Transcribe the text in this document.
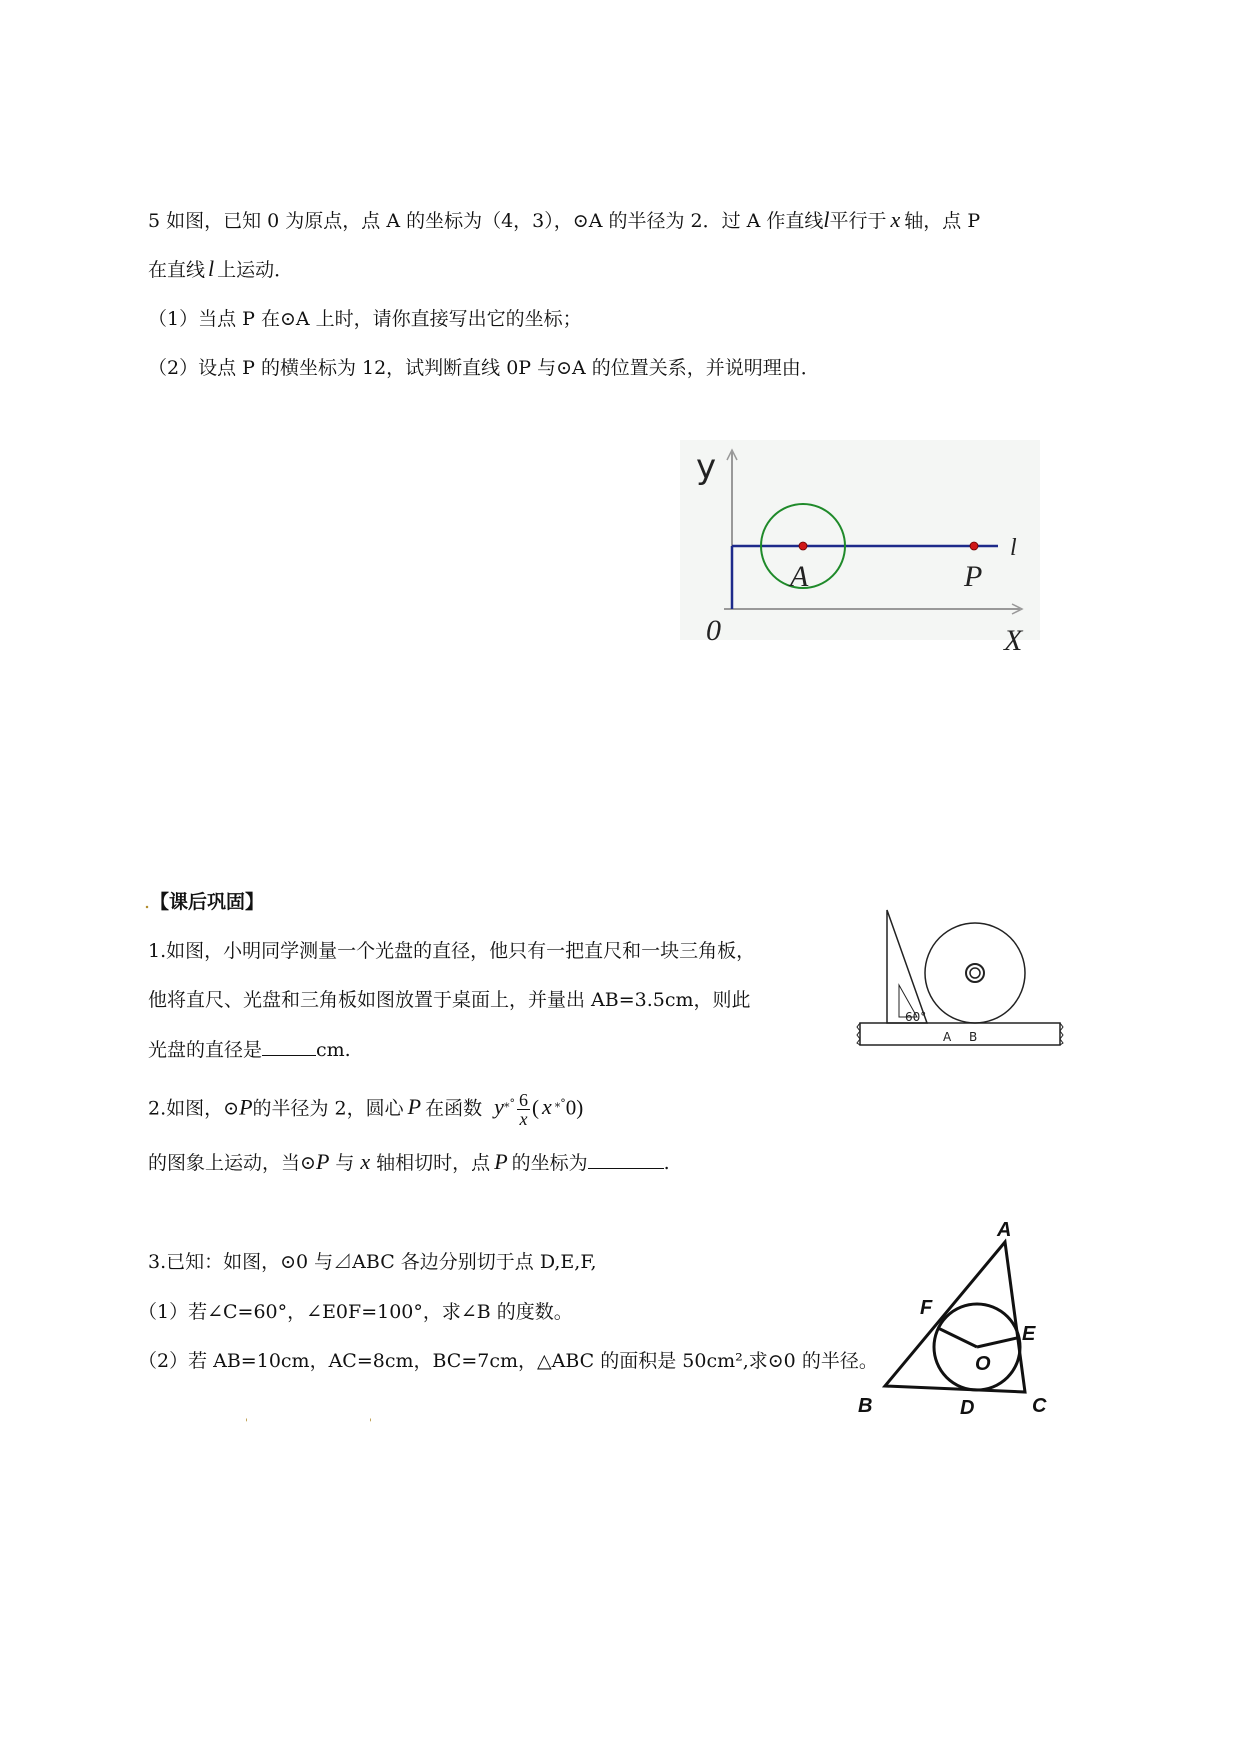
5 如图，已知 0 为原点，点 A 的坐标为（4，3），⊙A 的半径为 2．过 A 作直线l平行于 x 轴，点 P
在直线 l 上运动．
（1）当点 P 在⊙A 上时，请你直接写出它的坐标；
（2）设点 P 的横坐标为 12，试判断直线 0P 与⊙A 的位置关系，并说明理由．
y
A	P
l
0	X
.【课后巩固】
1.如图，小明同学测量一个光盘的直径，他只有一把直尺和一块三角板，
他将直尺、光盘和三角板如图放置于桌面上，并量出 AB=3.5cm，则此
光盘的直径是	cm.
60°
A B
2.如图，⊙P的半径为 2，圆心 P 在函数 $y^{⁎^\circ} \frac{6}{x}$ ( x ⁎°0)
的图象上运动，当⊙P 与 x 轴相切时，点 P 的坐标为	.
3.已知：如图，⊙0 与⊿ABC 各边分别切于点 D,E,F,
（1）若∠C=60°，∠E0F=100°，求∠B 的度数。
（2）若 AB=10cm，AC=8cm，BC=7cm，△ABC 的面积是 50cm²,求⊙0 的半径。
A
B	C
D
E
F
O
'	'
